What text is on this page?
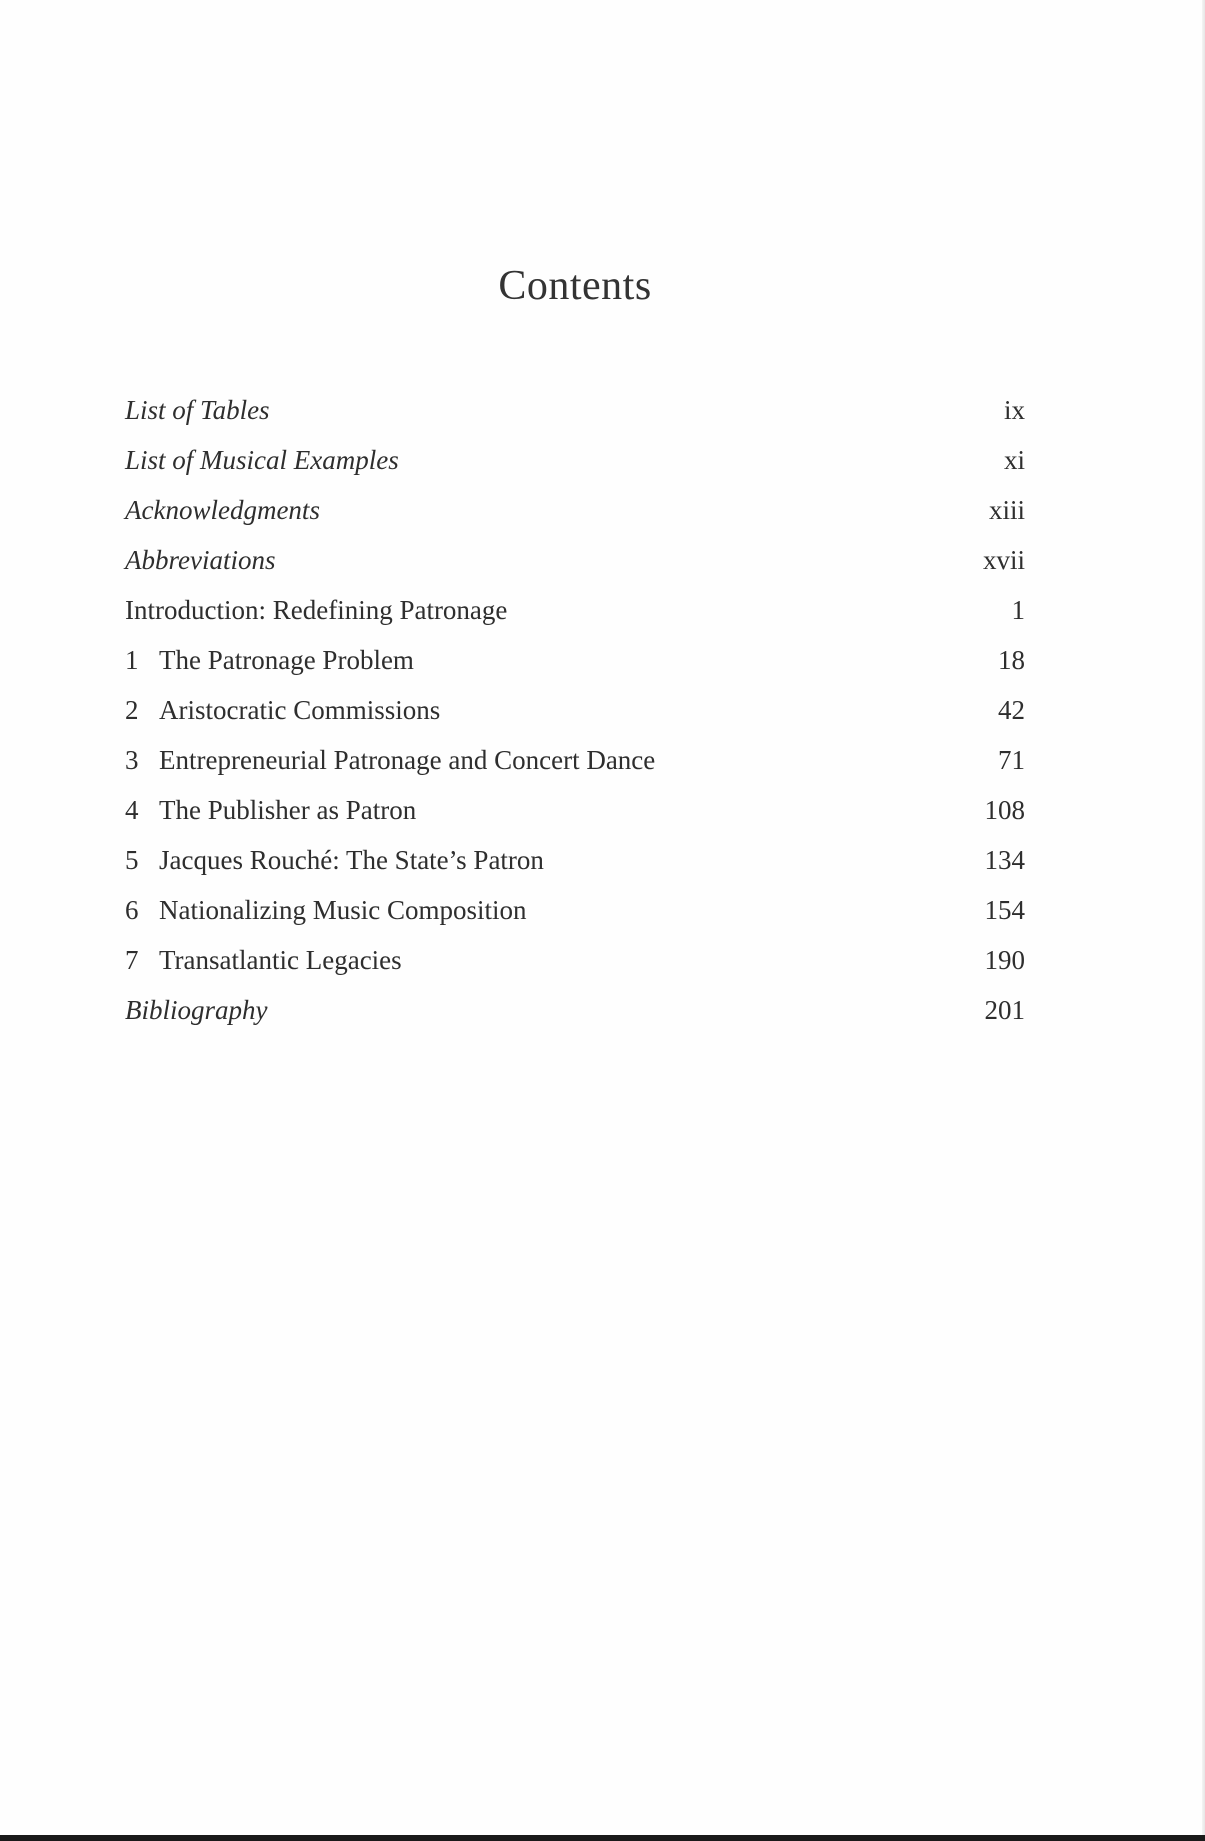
Contents
List of Tables	ix
List of Musical Examples	xi
Acknowledgments	xiii
Abbreviations	xvii
Introduction: Redefining Patronage	1
1 The Patronage Problem	18
2 Aristocratic Commissions	42
3 Entrepreneurial Patronage and Concert Dance	71
4 The Publisher as Patron	108
5 Jacques Rouché: The State’s Patron	134
6 Nationalizing Music Composition	154
7 Transatlantic Legacies	190
Bibliography	201
